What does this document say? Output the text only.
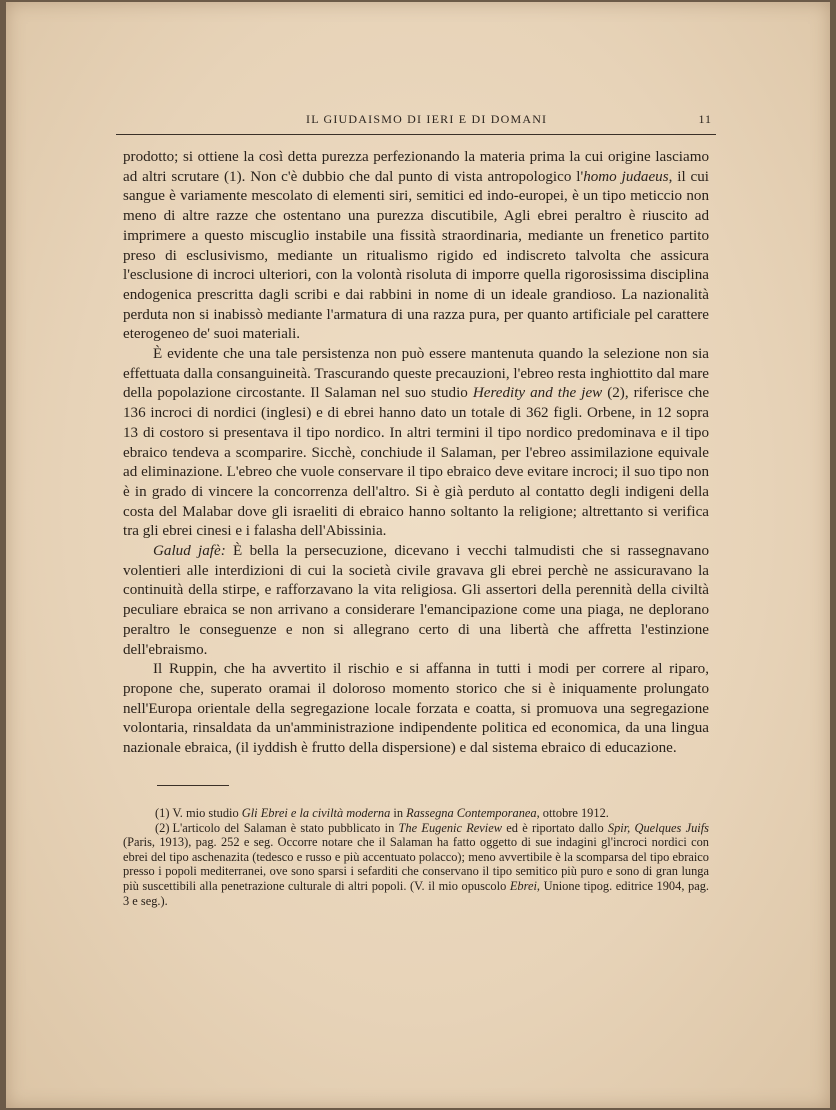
IL GIUDAISMO DI IERI E DI DOMANI	11

prodotto; si ottiene la così detta purezza perfezionando la materia prima la cui origine lasciamo ad altri scrutare (1). Non c'è dubbio che dal punto di vista antropologico l'homo judaeus, il cui sangue è variamente mescolato di elementi siri, semitici ed indo-europei, è un tipo meticcio non meno di altre razze che ostentano una purezza discutibile, Agli ebrei peraltro è riuscito ad imprimere a questo miscuglio instabile una fissità straordinaria, mediante un frenetico partito preso di esclusivismo, mediante un ritualismo rigido ed indiscreto talvolta che assicura l'esclusione di incroci ulteriori, con la volontà risoluta di imporre quella rigorosissima disciplina endogenica prescritta dagli scribi e dai rabbini in nome di un ideale grandioso. La nazionalità perduta non si inabissò mediante l'armatura di una razza pura, per quanto artificiale pel carattere eterogeneo de' suoi materiali.

È evidente che una tale persistenza non può essere mantenuta quando la selezione non sia effettuata dalla consanguineità. Trascurando queste precauzioni, l'ebreo resta inghiottito dal mare della popolazione circostante. Il Salaman nel suo studio Heredity and the jew (2), riferisce che 136 incroci di nordici (inglesi) e di ebrei hanno dato un totale di 362 figli. Orbene, in 12 sopra 13 di costoro si presentava il tipo nordico. In altri termini il tipo nordico predominava e il tipo ebraico tendeva a scomparire. Sicchè, conchiude il Salaman, per l'ebreo assimilazione equivale ad eliminazione. L'ebreo che vuole conservare il tipo ebraico deve evitare incroci; il suo tipo non è in grado di vincere la concorrenza dell'altro. Si è già perduto al contatto degli indigeni della costa del Malabar dove gli israeliti di ebraico hanno soltanto la religione; altrettanto si verifica tra gli ebrei cinesi e i falasha dell'Abissinia.

Galud jafè: È bella la persecuzione, dicevano i vecchi talmudisti che si rassegnavano volentieri alle interdizioni di cui la società civile gravava gli ebrei perchè ne assicuravano la continuità della stirpe, e rafforzavano la vita religiosa. Gli assertori della perennità della civiltà peculiare ebraica se non arrivano a considerare l'emancipazione come una piaga, ne deplorano peraltro le conseguenze e non si allegrano certo di una libertà che affretta l'estinzione dell'ebraismo.

Il Ruppin, che ha avvertito il rischio e si affanna in tutti i modi per correre al riparo, propone che, superato oramai il doloroso momento storico che si è iniquamente prolungato nell'Europa orientale della segregazione locale forzata e coatta, si promuova una segregazione volontaria, rinsaldata da un'amministrazione indipendente politica ed economica, da una lingua nazionale ebraica, (il iyddish è frutto della dispersione) e dal sistema ebraico di educazione.

(1) V. mio studio Gli Ebrei e la civiltà moderna in Rassegna Contemporanea, ottobre 1912.

(2) L'articolo del Salaman è stato pubblicato in The Eugenic Review ed è riportato dallo Spir, Quelques Juifs (Paris, 1913), pag. 252 e seg. Occorre notare che il Salaman ha fatto oggetto di sue indagini gl'incroci nordici con ebrei del tipo aschenazita (tedesco e russo e più accentuato polacco); meno avvertibile è la scomparsa del tipo ebraico presso i popoli mediterranei, ove sono sparsi i sefarditi che conservano il tipo semitico più puro e sono di gran lunga più suscettibili alla penetrazione culturale di altri popoli. (V. il mio opuscolo Ebrei, Unione tipog. editrice 1904, pag. 3 e seg.).
